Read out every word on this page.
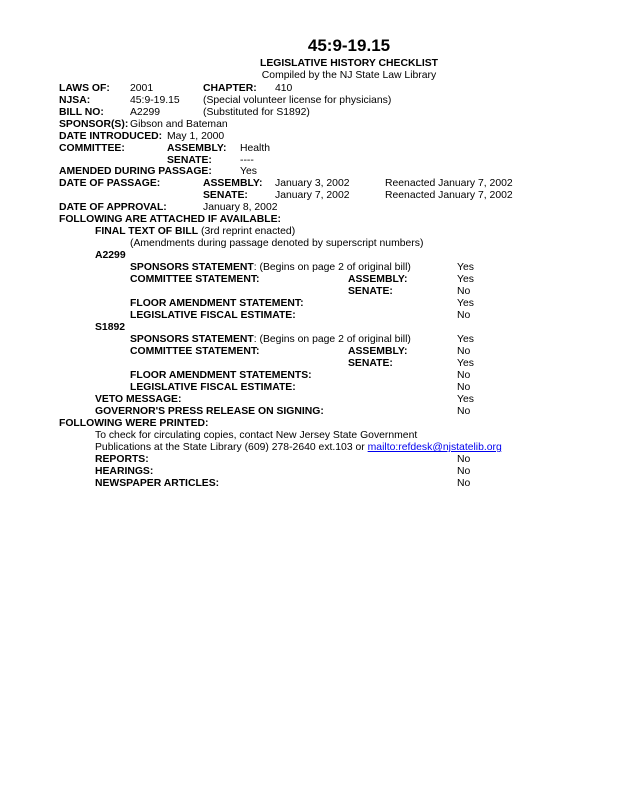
45:9-19.15
LEGISLATIVE HISTORY CHECKLIST
Compiled by the NJ State Law Library
LAWS OF: 2001	CHAPTER: 410
NJSA:	45:9-19.15 (Special volunteer license for physicians)
BILL NO:	A2299	(Substituted for S1892)
SPONSOR(S): Gibson and Bateman
DATE INTRODUCED: May 1, 2000
COMMITTEE:	ASSEMBLY: Health
SENATE:	----
AMENDED DURING PASSAGE:	Yes
DATE OF PASSAGE:	ASSEMBLY: January 3, 2002	Reenacted January 7, 2002
SENATE:	January 7, 2002	Reenacted January 7, 2002
DATE OF APPROVAL:	January 8, 2002
FOLLOWING ARE ATTACHED IF AVAILABLE:
FINAL TEXT OF BILL (3rd reprint enacted)
(Amendments during passage denoted by superscript numbers)
A2299
SPONSORS STATEMENT: (Begins on page 2 of original bill)	Yes
COMMITTEE STATEMENT:	ASSEMBLY:	Yes
SENATE:	No
FLOOR AMENDMENT STATEMENT:	Yes
LEGISLATIVE FISCAL ESTIMATE:	No
S1892
SPONSORS STATEMENT: (Begins on page 2 of original bill)	Yes
COMMITTEE STATEMENT:	ASSEMBLY:	No
SENATE:	Yes
FLOOR AMENDMENT STATEMENTS:	No
LEGISLATIVE FISCAL ESTIMATE:	No
VETO MESSAGE:	Yes
GOVERNOR'S PRESS RELEASE ON SIGNING:	No
FOLLOWING WERE PRINTED:
To check for circulating copies, contact New Jersey State Government
Publications at the State Library (609) 278-2640 ext.103 or mailto:refdesk@njstatelib.org
REPORTS:	No
HEARINGS:	No
NEWSPAPER ARTICLES:	No
